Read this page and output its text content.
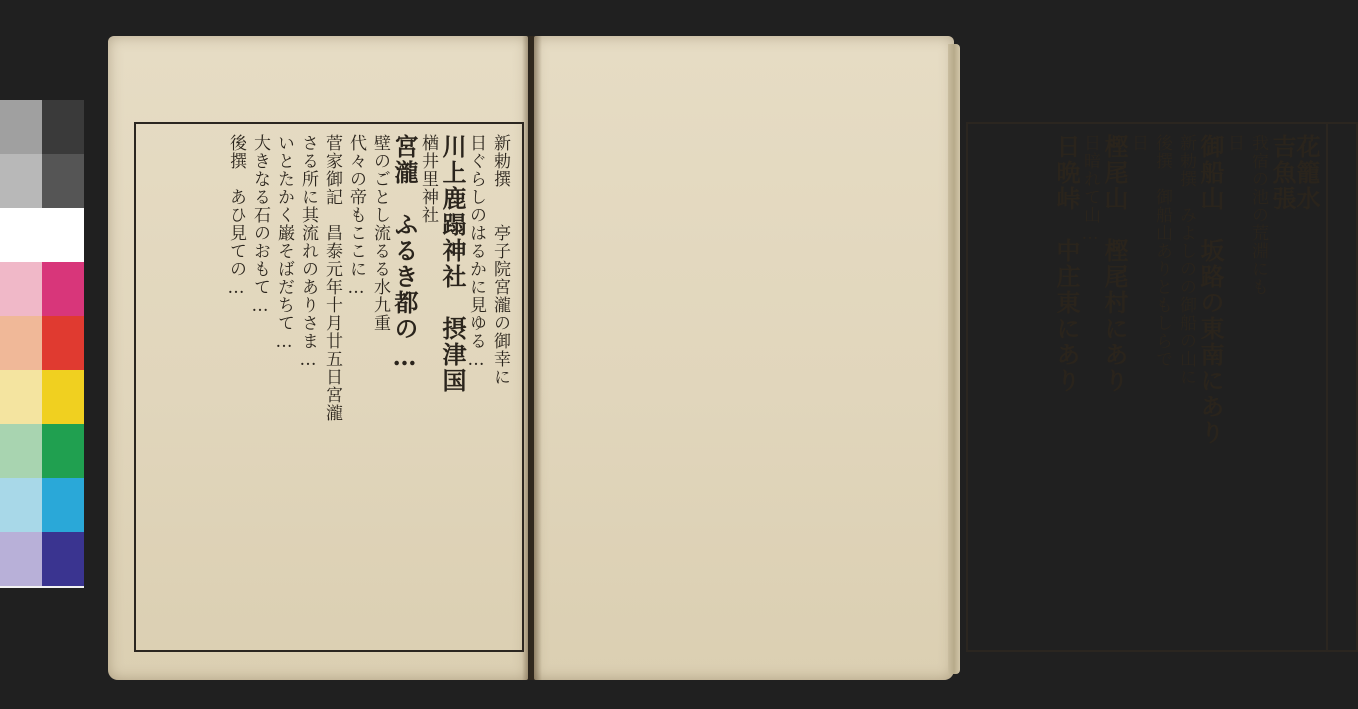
新勅撰　　亭子院宮瀧の御幸に
日ぐらしのはるかに見ゆる…
川上鹿蹋神社　摂津国
楢井里神社
宮瀧　ふるき都の…
壁のごとし流るる水九重
代々の帝もここに…
菅家御記　昌泰元年十月廿五日宮瀧
さる所に其流れのありさま…
いとたかく巌そばだちて…
大きなる石のおもて…
後撰　あひ見ての…	花籠水
吉魚張
我宿の池の荒淵にも
日
御船山　坂路の東南にあり
新勅撰　みよしのの御船の山に
後撰　御船山ありともしらで
日
樫尾山　樫尾村にあり
日暗れて山…
日晩峠　中庄東にあり
